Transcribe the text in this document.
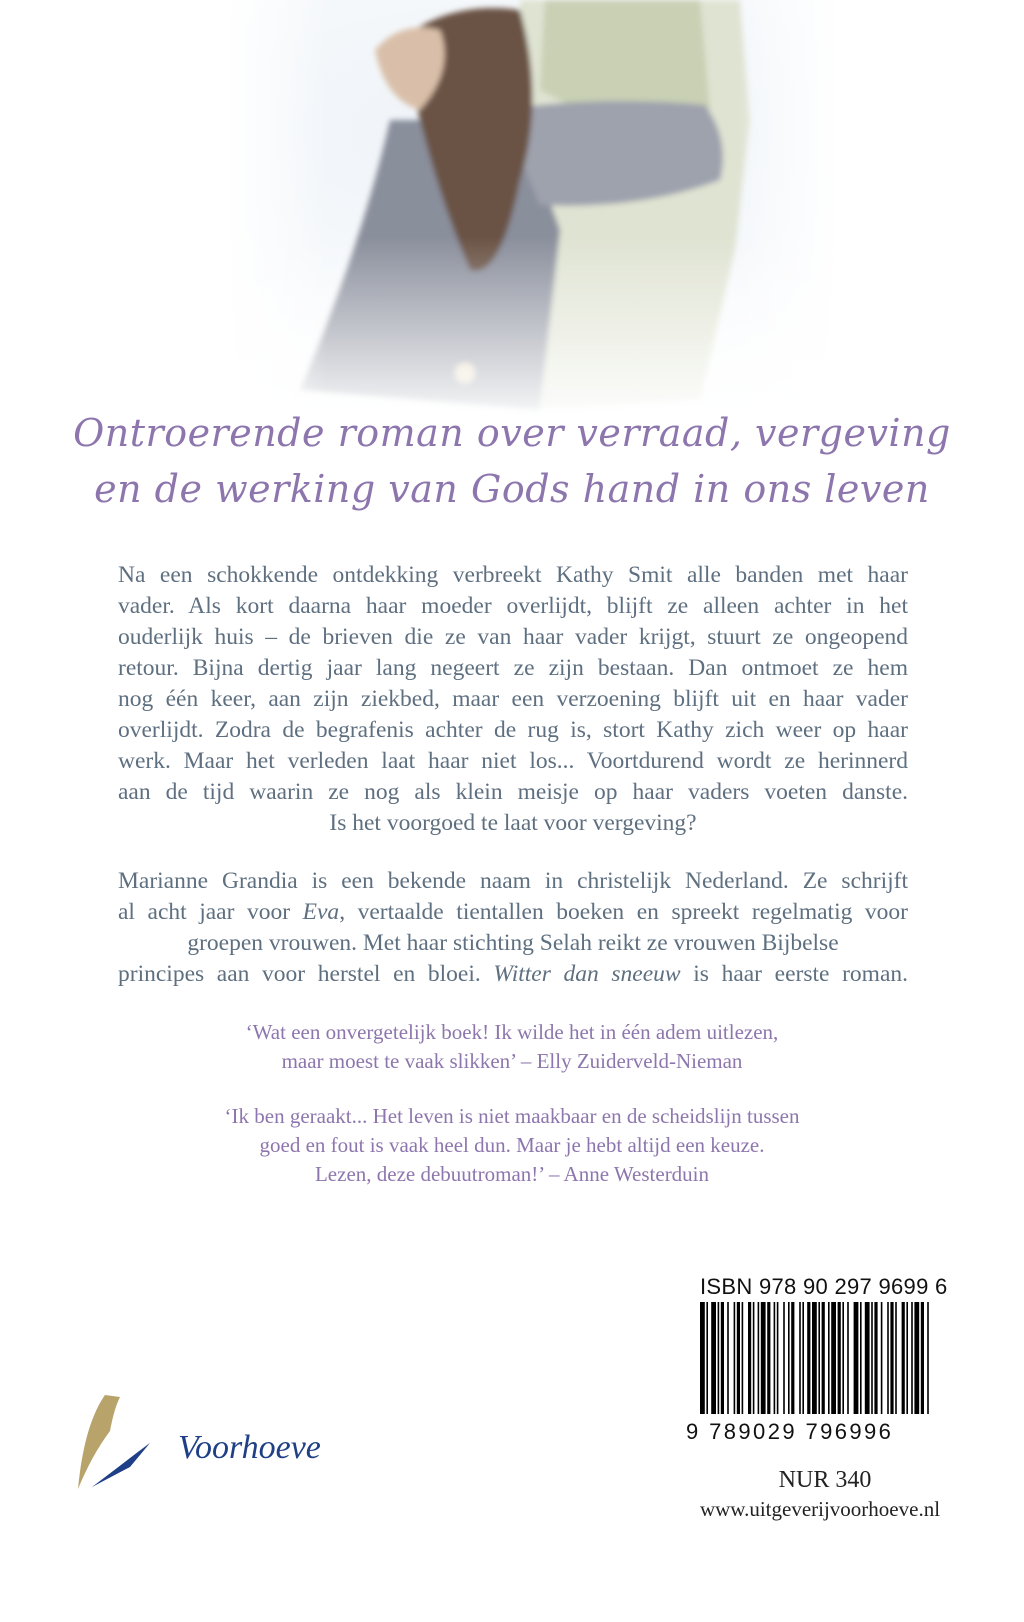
Ontroerende roman over verraad, vergeving
en de werking van Gods hand in ons leven
Na een schokkende ontdekking verbreekt Kathy Smit alle banden met haar
vader. Als kort daarna haar moeder overlijdt, blijft ze alleen achter in het
ouderlijk huis – de brieven die ze van haar vader krijgt, stuurt ze ongeopend
retour. Bijna dertig jaar lang negeert ze zijn bestaan. Dan ontmoet ze hem
nog één keer, aan zijn ziekbed, maar een verzoening blijft uit en haar vader
overlijdt. Zodra de begrafenis achter de rug is, stort Kathy zich weer op haar
werk. Maar het verleden laat haar niet los... Voortdurend wordt ze herinnerd
aan de tijd waarin ze nog als klein meisje op haar vaders voeten danste.
Is het voorgoed te laat voor vergeving?
Marianne Grandia is een bekende naam in christelijk Nederland. Ze schrijft
al acht jaar voor Eva, vertaalde tientallen boeken en spreekt regelmatig voor
groepen vrouwen. Met haar stichting Selah reikt ze vrouwen Bijbelse
principes aan voor herstel en bloei. Witter dan sneeuw is haar eerste roman.
‘Wat een onvergetelijk boek! Ik wilde het in één adem uitlezen,
maar moest te vaak slikken’ – Elly Zuiderveld-Nieman
‘Ik ben geraakt... Het leven is niet maakbaar en de scheidslijn tussen
goed en fout is vaak heel dun. Maar je hebt altijd een keuze.
Lezen, deze debuutroman!’ – Anne Westerduin
Voorhoeve
ISBN 978 90 297 9699 6
9 789029 796996
NUR 340
www.uitgeverijvoorhoeve.nl
